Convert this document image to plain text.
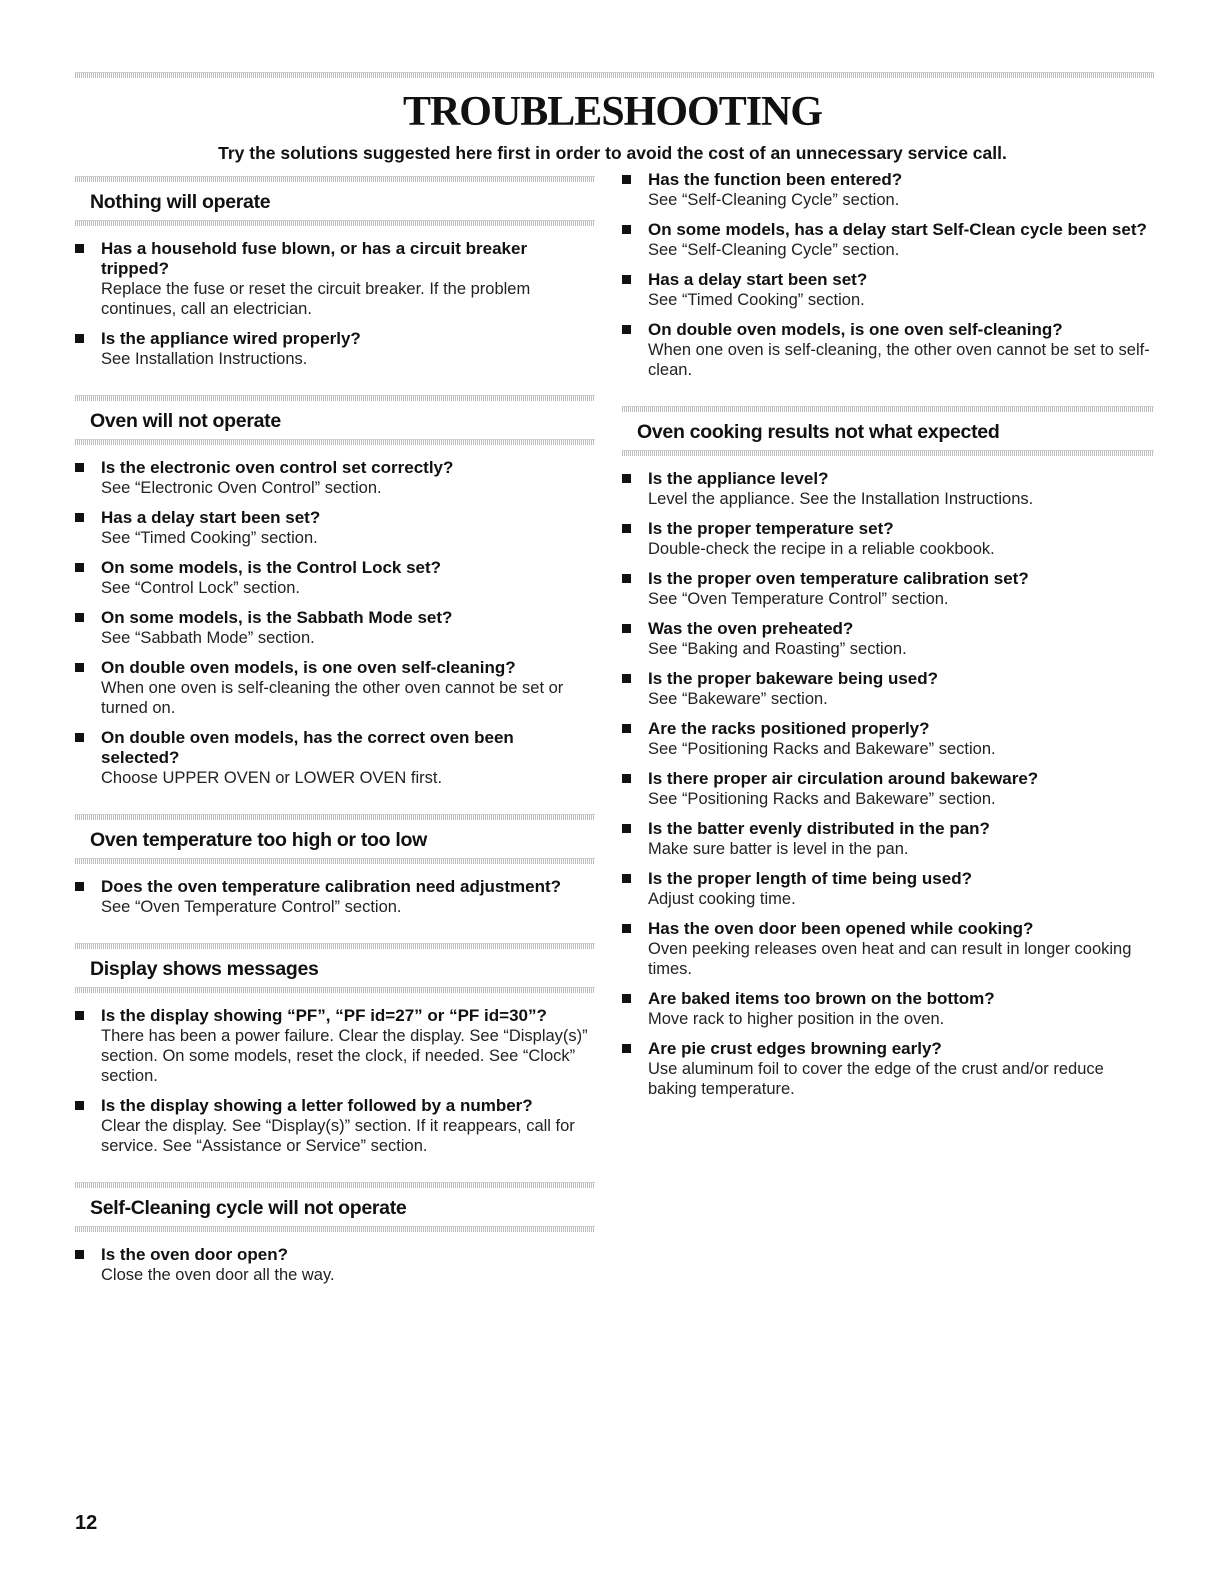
TROUBLESHOOTING

Try the solutions suggested here first in order to avoid the cost of an unnecessary service call.

Nothing will operate

Has a household fuse blown, or has a circuit breaker tripped?

Replace the fuse or reset the circuit breaker. If the problem continues, call an electrician.

Is the appliance wired properly?

See Installation Instructions.

Oven will not operate

Is the electronic oven control set correctly?

See “Electronic Oven Control” section.

Has a delay start been set?

See “Timed Cooking” section.

On some models, is the Control Lock set?

See “Control Lock” section.

On some models, is the Sabbath Mode set?

See “Sabbath Mode” section.

On double oven models, is one oven self-cleaning?

When one oven is self-cleaning the other oven cannot be set or turned on.

On double oven models, has the correct oven been selected?

Choose UPPER OVEN or LOWER OVEN first.

Oven temperature too high or too low

Does the oven temperature calibration need adjustment?

See “Oven Temperature Control” section.

Display shows messages

Is the display showing “PF”, “PF id=27” or “PF id=30”?

There has been a power failure. Clear the display. See “Display(s)” section. On some models, reset the clock, if needed. See “Clock” section.

Is the display showing a letter followed by a number?

Clear the display. See “Display(s)” section. If it reappears, call for service. See “Assistance or Service” section.

Self-Cleaning cycle will not operate

Is the oven door open?

Close the oven door all the way.

Has the function been entered?

See “Self-Cleaning Cycle” section.

On some models, has a delay start Self-Clean cycle been set?

See “Self-Cleaning Cycle” section.

Has a delay start been set?

See “Timed Cooking” section.

On double oven models, is one oven self-cleaning?

When one oven is self-cleaning, the other oven cannot be set to self-clean.

Oven cooking results not what expected

Is the appliance level?

Level the appliance. See the Installation Instructions.

Is the proper temperature set?

Double-check the recipe in a reliable cookbook.

Is the proper oven temperature calibration set?

See “Oven Temperature Control” section.

Was the oven preheated?

See “Baking and Roasting” section.

Is the proper bakeware being used?

See “Bakeware” section.

Are the racks positioned properly?

See “Positioning Racks and Bakeware” section.

Is there proper air circulation around bakeware?

See “Positioning Racks and Bakeware” section.

Is the batter evenly distributed in the pan?

Make sure batter is level in the pan.

Is the proper length of time being used?

Adjust cooking time.

Has the oven door been opened while cooking?

Oven peeking releases oven heat and can result in longer cooking times.

Are baked items too brown on the bottom?

Move rack to higher position in the oven.

Are pie crust edges browning early?

Use aluminum foil to cover the edge of the crust and/or reduce baking temperature.

12
